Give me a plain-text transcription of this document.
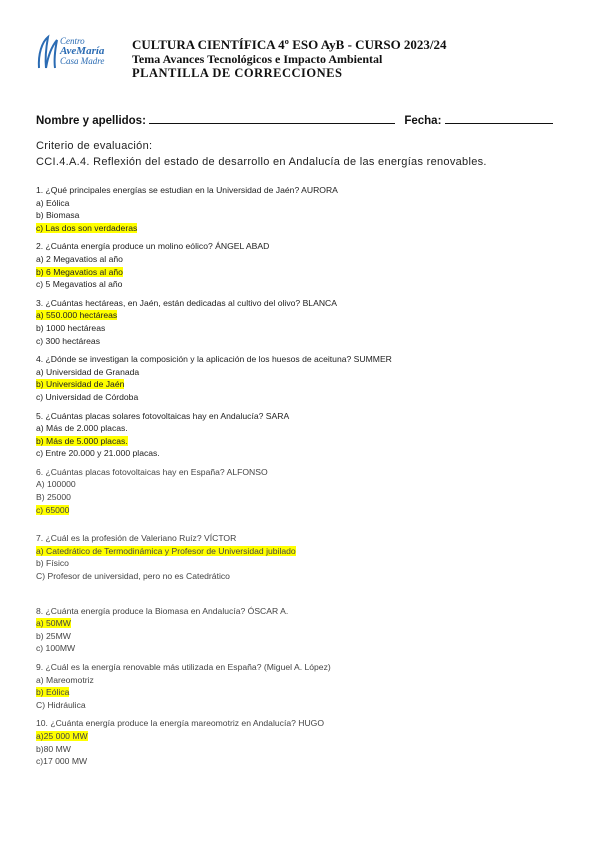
Centro
AveMaría
Casa Madre
CULTURA CIENTÍFICA 4º ESO AyB - CURSO 2023/24
Tema Avances Tecnológicos e Impacto Ambiental
PLANTILLA DE CORRECCIONES
Nombre y apellidos:	Fecha:
Criterio de evaluación:
CCI.4.A.4. Reflexión del estado de desarrollo en Andalucía de las energías renovables.
1. ¿Qué principales energías se estudian en la Universidad de Jaén? AURORA
a) Eólica
b) Biomasa
c) Las dos son verdaderas
2. ¿Cuánta energía produce un molino eólico? ÁNGEL ABAD
a) 2 Megavatios al año
b) 6 Megavatios al año
c) 5 Megavatios al año
3. ¿Cuántas hectáreas, en Jaén, están dedicadas al cultivo del olivo? BLANCA
a) 550.000 hectáreas
b) 1000 hectáreas
c) 300 hectáreas
4. ¿Dónde se investigan la composición y la aplicación de los huesos de aceituna? SUMMER
a) Universidad de Granada
b) Universidad de Jaén
c) Universidad de Córdoba
5. ¿Cuántas placas solares fotovoltaicas hay en Andalucía? SARA
a) Más de 2.000 placas.
b) Más de 5.000 placas.
c) Entre 20.000 y 21.000 placas.
6. ¿Cuántas placas fotovoltaicas hay en España? ALFONSO
A) 100000
B) 25000
c) 65000
7. ¿Cuál es la profesión de Valeriano Ruíz? VÍCTOR
a) Catedrático de Termodinámica y Profesor de Universidad jubilado
b) Físico
C) Profesor de universidad, pero no es Catedrático
8. ¿Cuánta energía produce la Biomasa en Andalucía? ÓSCAR A.
a) 50MW
b) 25MW
c) 100MW
9. ¿Cuál es la energía renovable más utilizada en España? (Miguel A. López)
a) Mareomotriz
b) Eólica
C) Hidráulica
10. ¿Cuánta energía produce la energía mareomotriz en Andalucía? HUGO
a)25 000 MW
b)80 MW
c)17 000 MW
